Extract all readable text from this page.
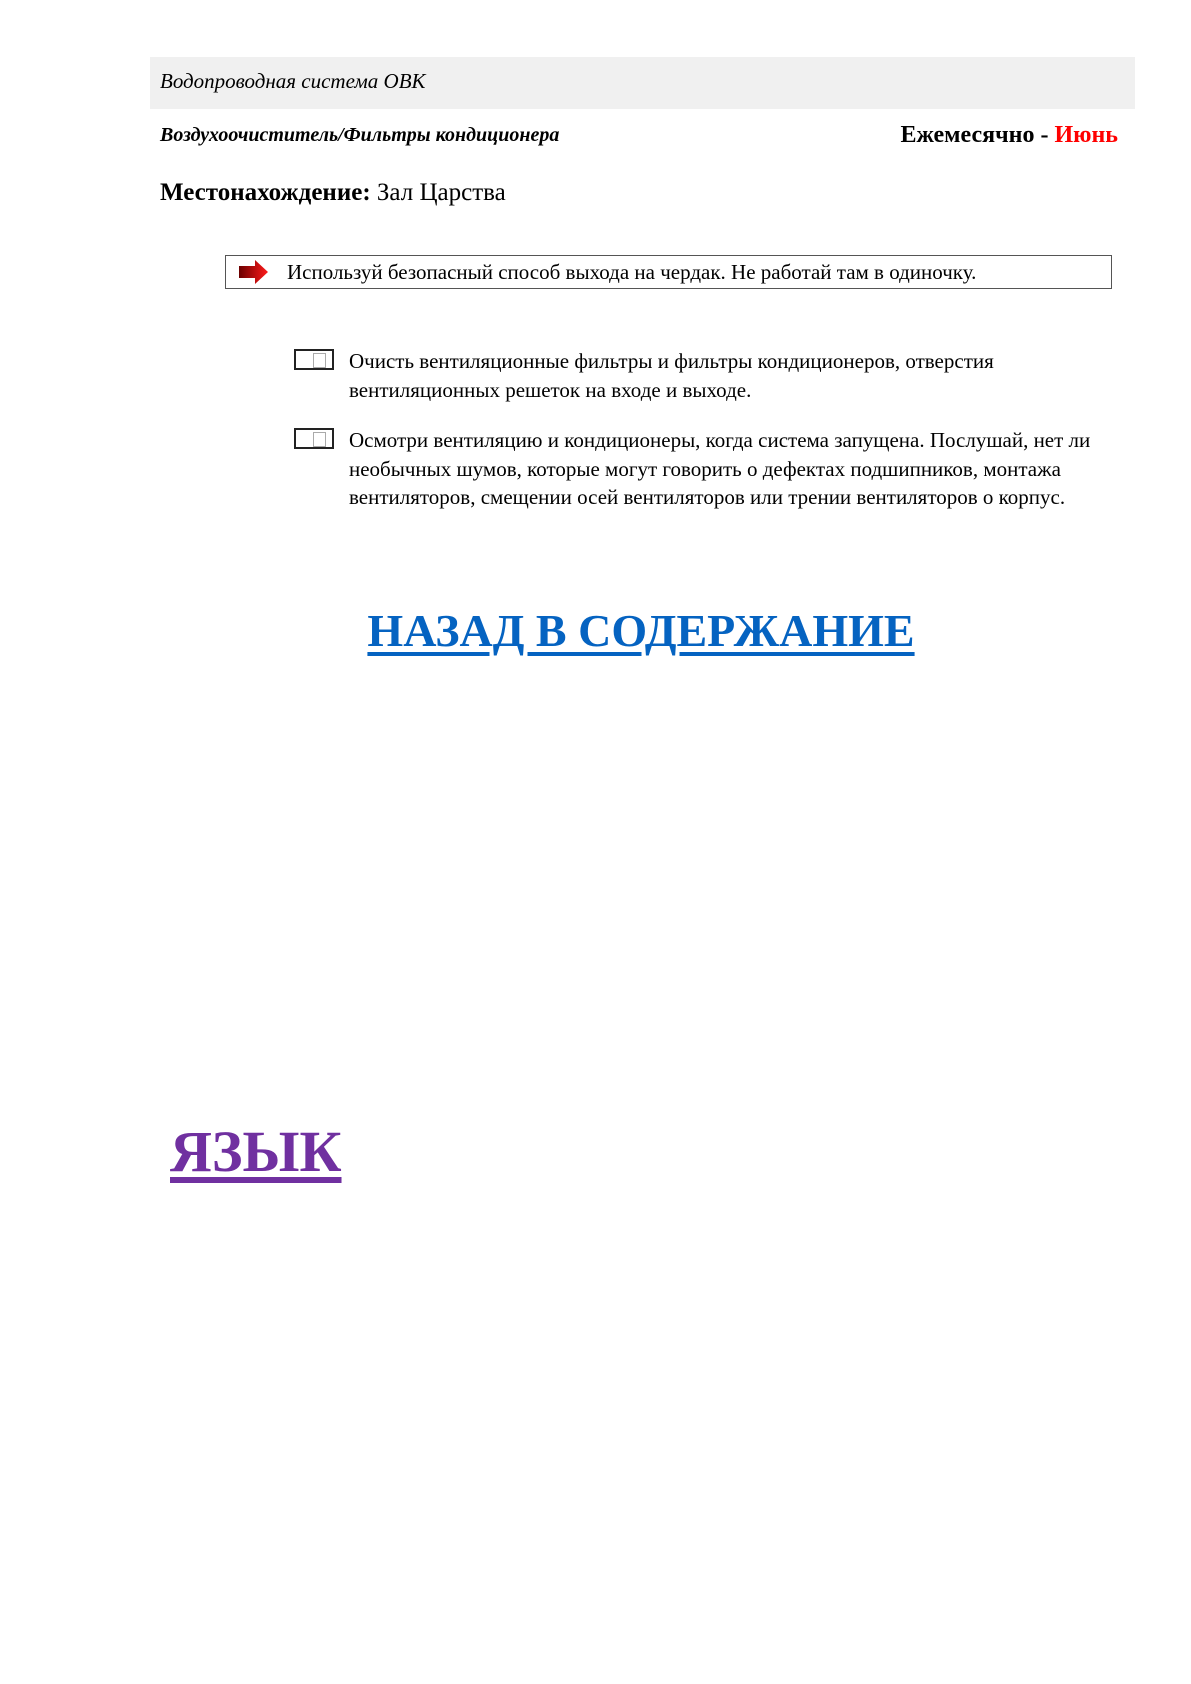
Водопроводная система ОВК
Воздухоочиститель/Фильтры кондиционера	Ежемесячно - Июнь
Местонахождение: Зал Царства
Используй безопасный способ выхода на чердак. Не работай там в одиночку.
Очисть вентиляционные фильтры и фильтры кондиционеров, отверстия вентиляционных решеток на входе и выходе.
Осмотри вентиляцию и кондиционеры, когда система запущена. Послушай, нет ли необычных шумов, которые могут говорить о дефектах подшипников, монтажа вентиляторов, смещении осей вентиляторов или трении вентиляторов о корпус.
НАЗАД В СОДЕРЖАНИЕ
ЯЗЫК
